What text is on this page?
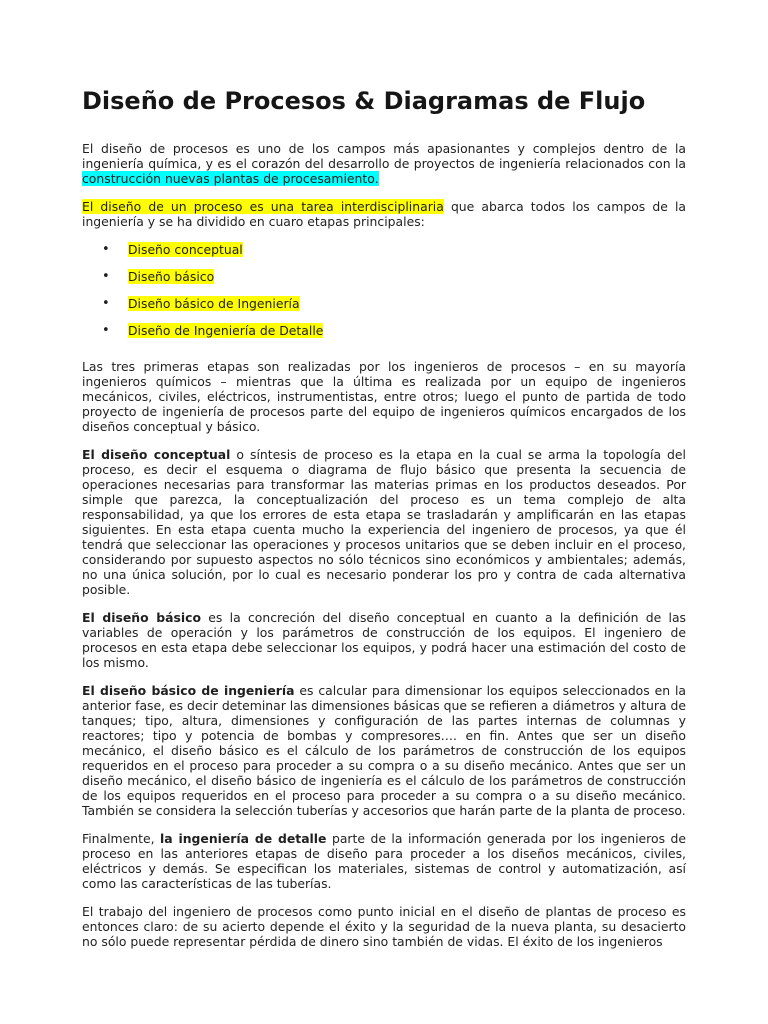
Diseño de Procesos & Diagramas de Flujo

El diseño de procesos es uno de los campos más apasionantes y complejos dentro de la ingeniería química, y es el corazón del desarrollo de proyectos de ingeniería relacionados con la construcción nuevas plantas de procesamiento.

El diseño de un proceso es una tarea interdisciplinaria que abarca todos los campos de la ingeniería y se ha dividido en cuaro etapas principales:

• Diseño conceptual
• Diseño básico
• Diseño básico de Ingeniería
• Diseño de Ingeniería de Detalle

Las tres primeras etapas son realizadas por los ingenieros de procesos – en su mayoría ingenieros químicos – mientras que la última es realizada por un equipo de ingenieros mecánicos, civiles, eléctricos, instrumentistas, entre otros; luego el punto de partida de todo proyecto de ingeniería de procesos parte del equipo de ingenieros químicos encargados de los diseños conceptual y básico.

El diseño conceptual o síntesis de proceso es la etapa en la cual se arma la topología del proceso, es decir el esquema o diagrama de flujo básico que presenta la secuencia de operaciones necesarias para transformar las materias primas en los productos deseados. Por simple que parezca, la conceptualización del proceso es un tema complejo de alta responsabilidad, ya que los errores de esta etapa se trasladarán y amplificarán en las etapas siguientes. En esta etapa cuenta mucho la experiencia del ingeniero de procesos, ya que él tendrá que seleccionar las operaciones y procesos unitarios que se deben incluir en el proceso, considerando por supuesto aspectos no sólo técnicos sino económicos y ambientales; además, no una única solución, por lo cual es necesario ponderar los pro y contra de cada alternativa posible.

El diseño básico es la concreción del diseño conceptual en cuanto a la definición de las variables de operación y los parámetros de construcción de los equipos. El ingeniero de procesos en esta etapa debe seleccionar los equipos, y podrá hacer una estimación del costo de los mismo.

El diseño básico de ingeniería es calcular para dimensionar los equipos seleccionados en la anterior fase, es decir deteminar las dimensiones básicas que se refieren a diámetros y altura de tanques; tipo, altura, dimensiones y configuración de las partes internas de columnas y reactores; tipo y potencia de bombas y compresores…. en fin. Antes que ser un diseño mecánico, el diseño básico es el cálculo de los parámetros de construcción de los equipos requeridos en el proceso para proceder a su compra o a su diseño mecánico. Antes que ser un diseño mecánico, el diseño básico de ingeniería es el cálculo de los parámetros de construcción de los equipos requeridos en el proceso para proceder a su compra o a su diseño mecánico. También se considera la selección tuberías y accesorios que harán parte de la planta de proceso.

Finalmente, la ingeniería de detalle parte de la información generada por los ingenieros de proceso en las anteriores etapas de diseño para proceder a los diseños mecánicos, civiles, eléctricos y demás. Se especifican los materiales, sistemas de control y automatización, así como las características de las tuberías.

El trabajo del ingeniero de procesos como punto inicial en el diseño de plantas de proceso es entonces claro: de su acierto depende el éxito y la seguridad de la nueva planta, su desacierto no sólo puede representar pérdida de dinero sino también de vidas. El éxito de los ingenieros
